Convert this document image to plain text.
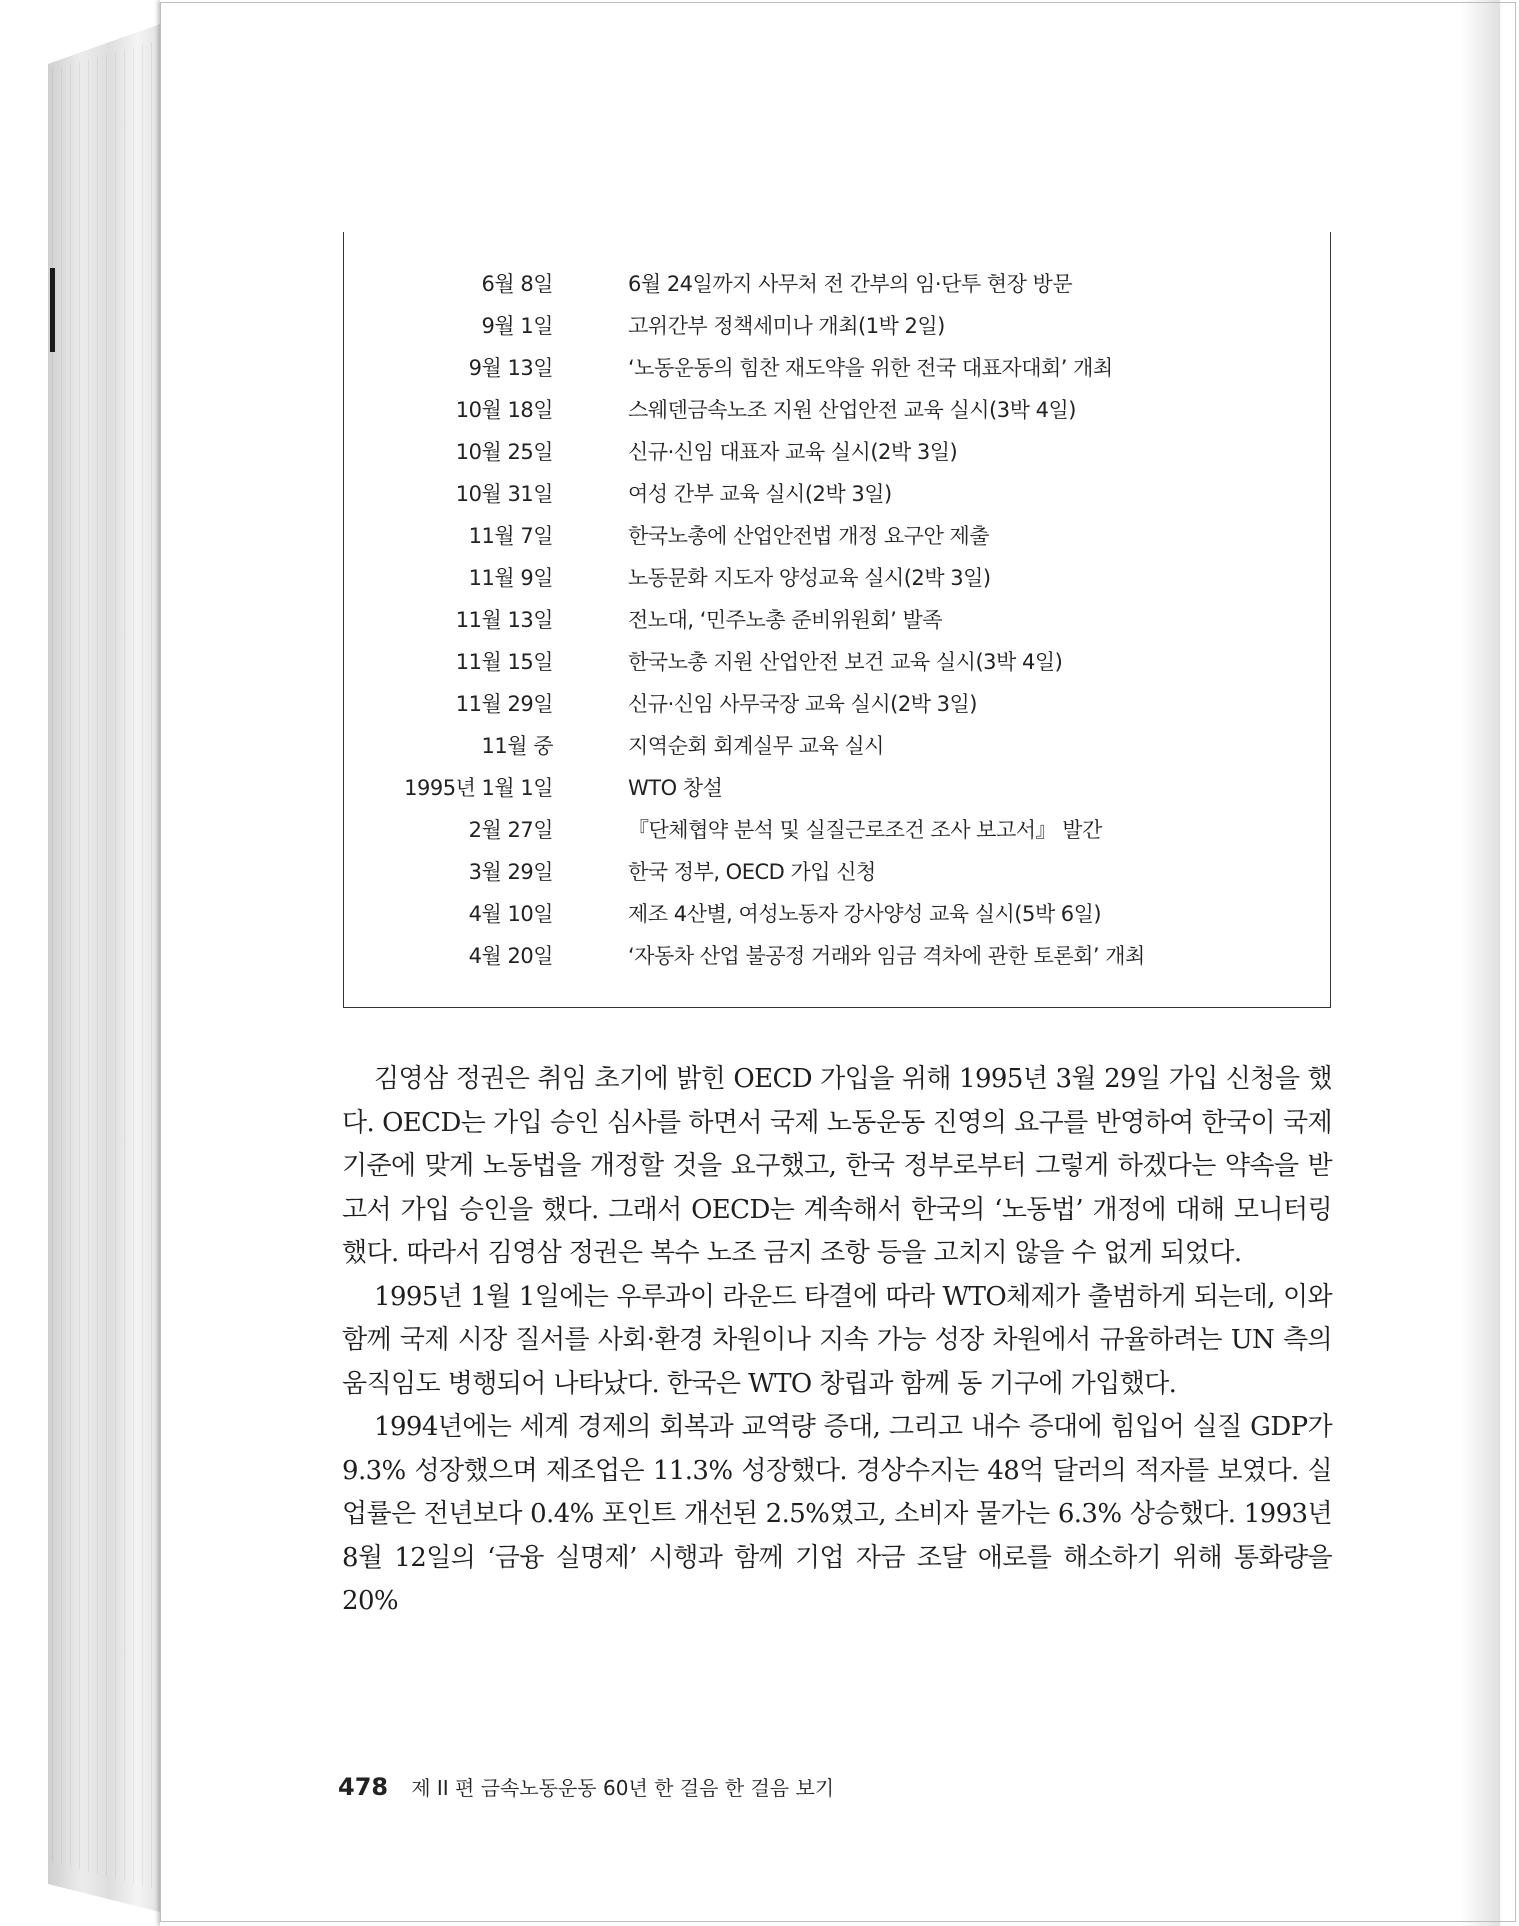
6월 8일	6월 24일까지 사무처 전 간부의 임·단투 현장 방문
9월 1일	고위간부 정책세미나 개최(1박 2일)
9월 13일	‘노동운동의 힘찬 재도약을 위한 전국 대표자대회’ 개최
10월 18일	스웨덴금속노조 지원 산업안전 교육 실시(3박 4일)
10월 25일	신규·신임 대표자 교육 실시(2박 3일)
10월 31일	여성 간부 교육 실시(2박 3일)
11월 7일	한국노총에 산업안전법 개정 요구안 제출
11월 9일	노동문화 지도자 양성교육 실시(2박 3일)
11월 13일	전노대, ‘민주노총 준비위원회’ 발족
11월 15일	한국노총 지원 산업안전 보건 교육 실시(3박 4일)
11월 29일	신규·신임 사무국장 교육 실시(2박 3일)
11월 중	지역순회 회계실무 교육 실시
1995년 1월 1일	WTO 창설
2월 27일	『단체협약 분석 및 실질근로조건 조사 보고서』 발간
3월 29일	한국 정부, OECD 가입 신청
4월 10일	제조 4산별, 여성노동자 강사양성 교육 실시(5박 6일)
4월 20일	‘자동차 산업 불공정 거래와 임금 격차에 관한 토론회’ 개최

김영삼 정권은 취임 초기에 밝힌 OECD 가입을 위해 1995년 3월 29일 가입 신청을 했다. OECD는 가입 승인 심사를 하면서 국제 노동운동 진영의 요구를 반영하여 한국이 국제 기준에 맞게 노동법을 개정할 것을 요구했고, 한국 정부로부터 그렇게 하겠다는 약속을 받고서 가입 승인을 했다. 그래서 OECD는 계속해서 한국의 ‘노동법’ 개정에 대해 모니터링 했다. 따라서 김영삼 정권은 복수 노조 금지 조항 등을 고치지 않을 수 없게 되었다.

1995년 1월 1일에는 우루과이 라운드 타결에 따라 WTO체제가 출범하게 되는데, 이와 함께 국제 시장 질서를 사회·환경 차원이나 지속 가능 성장 차원에서 규율하려는 UN 측의 움직임도 병행되어 나타났다. 한국은 WTO 창립과 함께 동 기구에 가입했다.

1994년에는 세계 경제의 회복과 교역량 증대, 그리고 내수 증대에 힘입어 실질 GDP가 9.3% 성장했으며 제조업은 11.3% 성장했다. 경상수지는 48억 달러의 적자를 보였다. 실업률은 전년보다 0.4% 포인트 개선된 2.5%였고, 소비자 물가는 6.3% 상승했다. 1993년 8월 12일의 ‘금융 실명제’ 시행과 함께 기업 자금 조달 애로를 해소하기 위해 통화량을 20%

478 제 II 편 금속노동운동 60년 한 걸음 한 걸음 보기
